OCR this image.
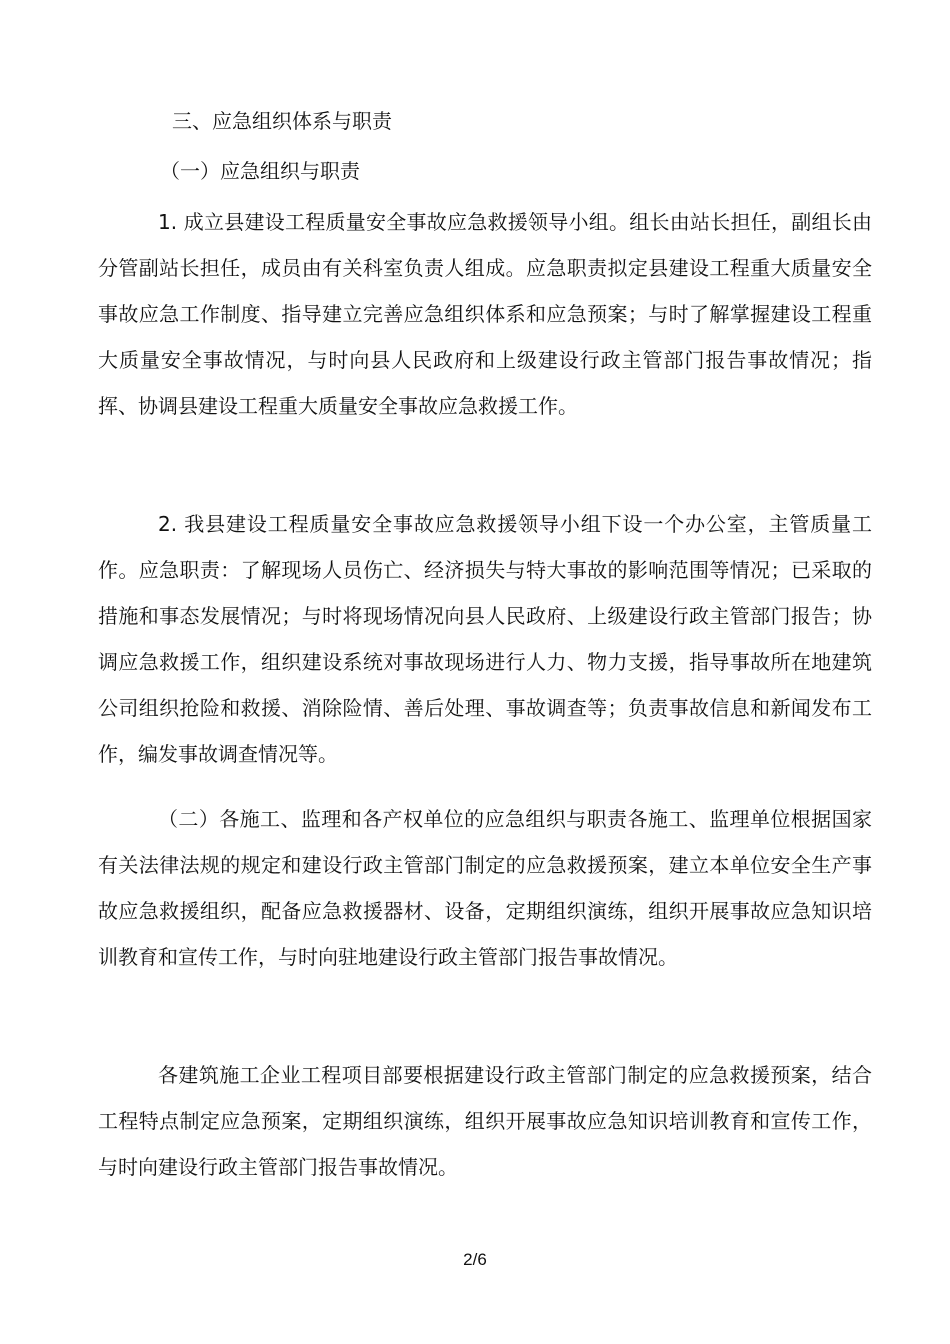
三、应急组织体系与职责
（一）应急组织与职责
1. 成立县建设工程质量安全事故应急救援领导小组。组长由站长担任，副组长由分管副站长担任，成员由有关科室负责人组成。应急职责拟定县建设工程重大质量安全事故应急工作制度、指导建立完善应急组织体系和应急预案；与时了解掌握建设工程重大质量安全事故情况，与时向县人民政府和上级建设行政主管部门报告事故情况；指挥、协调县建设工程重大质量安全事故应急救援工作。
2. 我县建设工程质量安全事故应急救援领导小组下设一个办公室，主管质量工作。应急职责：了解现场人员伤亡、经济损失与特大事故的影响范围等情况；已采取的措施和事态发展情况；与时将现场情况向县人民政府、上级建设行政主管部门报告；协调应急救援工作，组织建设系统对事故现场进行人力、物力支援，指导事故所在地建筑公司组织抢险和救援、消除险情、善后处理、事故调查等；负责事故信息和新闻发布工作，编发事故调查情况等。
（二）各施工、监理和各产权单位的应急组织与职责各施工、监理单位根据国家有关法律法规的规定和建设行政主管部门制定的应急救援预案，建立本单位安全生产事故应急救援组织，配备应急救援器材、设备，定期组织演练，组织开展事故应急知识培训教育和宣传工作，与时向驻地建设行政主管部门报告事故情况。
各建筑施工企业工程项目部要根据建设行政主管部门制定的应急救援预案，结合工程特点制定应急预案，定期组织演练，组织开展事故应急知识培训教育和宣传工作，与时向建设行政主管部门报告事故情况。
2/6
